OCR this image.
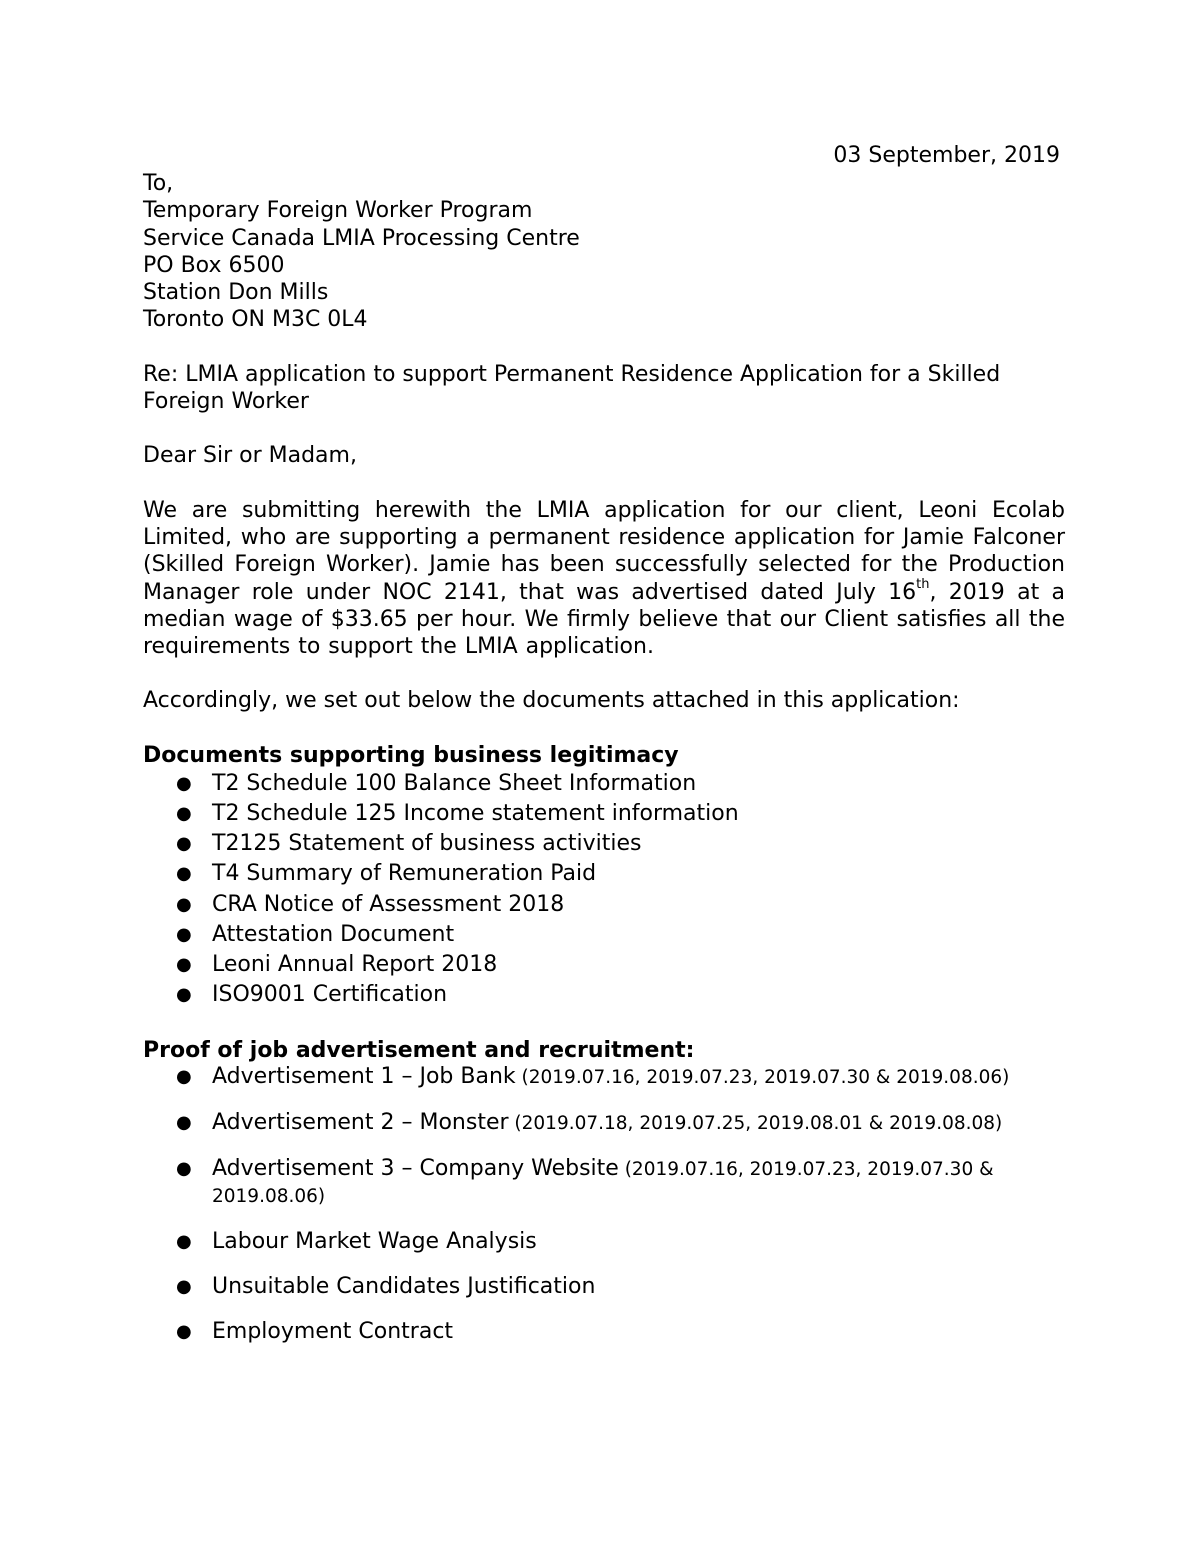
03 September, 2019
To,
Temporary Foreign Worker Program
Service Canada LMIA Processing Centre
PO Box 6500
Station Don Mills
Toronto ON M3C 0L4

Re: LMIA application to support Permanent Residence Application for a Skilled Foreign Worker

Dear Sir or Madam,

We are submitting herewith the LMIA application for our client, Leoni Ecolab Limited, who are supporting a permanent residence application for Jamie Falconer (Skilled Foreign Worker). Jamie has been successfully selected for the Production Manager role under NOC 2141, that was advertised dated July 16th, 2019 at a median wage of $33.65 per hour. We firmly believe that our Client satisfies all the requirements to support the LMIA application.

Accordingly, we set out below the documents attached in this application:

Documents supporting business legitimacy

● T2 Schedule 100 Balance Sheet Information
● T2 Schedule 125 Income statement information
● T2125 Statement of business activities
● T4 Summary of Remuneration Paid
● CRA Notice of Assessment 2018
● Attestation Document
● Leoni Annual Report 2018
● ISO9001 Certification

Proof of job advertisement and recruitment:

● Advertisement 1 – Job Bank (2019.07.16, 2019.07.23, 2019.07.30 & 2019.08.06)
● Advertisement 2 – Monster (2019.07.18, 2019.07.25, 2019.08.01 & 2019.08.08)
● Advertisement 3 – Company Website (2019.07.16, 2019.07.23, 2019.07.30 & 2019.08.06)
● Labour Market Wage Analysis
● Unsuitable Candidates Justification
● Employment Contract
